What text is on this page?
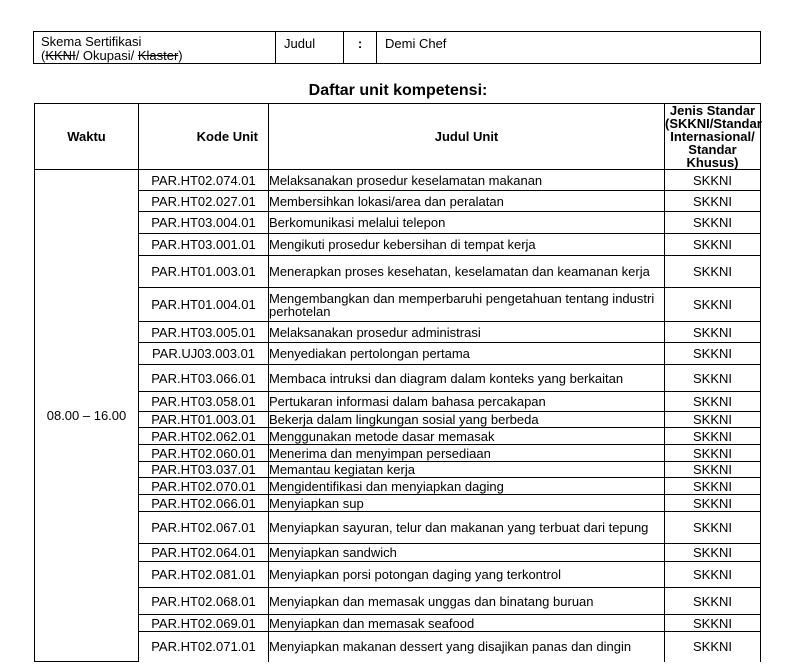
Skema Sertifikasi
(KKNI/ Okupasi/ Klaster)
Judul	:	Demi Chef
Daftar unit kompetensi:
Waktu	Kode Unit	Judul Unit	Jenis Standar (SKKNI/Standar Internasional/ Standar Khusus)
08.00 – 16.00	PAR.HT02.074.01	Melaksanakan prosedur keselamatan makanan	SKKNI
	PAR.HT02.027.01	Membersihkan lokasi/area dan peralatan	SKKNI
	PAR.HT03.004.01	Berkomunikasi melalui telepon	SKKNI
	PAR.HT03.001.01	Mengikuti prosedur kebersihan di tempat kerja	SKKNI
	PAR.HT01.003.01	Menerapkan proses kesehatan, keselamatan dan keamanan kerja	SKKNI
	PAR.HT01.004.01	Mengembangkan dan memperbaruhi pengetahuan tentang industri perhotelan	SKKNI
	PAR.HT03.005.01	Melaksanakan prosedur administrasi	SKKNI
	PAR.UJ03.003.01	Menyediakan pertolongan pertama	SKKNI
	PAR.HT03.066.01	Membaca intruksi dan diagram dalam konteks yang berkaitan	SKKNI
	PAR.HT03.058.01	Pertukaran informasi dalam bahasa percakapan	SKKNI
	PAR.HT01.003.01	Bekerja dalam lingkungan sosial yang berbeda	SKKNI
	PAR.HT02.062.01	Menggunakan metode dasar memasak	SKKNI
	PAR.HT02.060.01	Menerima dan menyimpan persediaan	SKKNI
	PAR.HT03.037.01	Memantau kegiatan kerja	SKKNI
	PAR.HT02.070.01	Mengidentifikasi dan menyiapkan daging	SKKNI
	PAR.HT02.066.01	Menyiapkan sup	SKKNI
	PAR.HT02.067.01	Menyiapkan sayuran, telur dan makanan yang terbuat dari tepung	SKKNI
	PAR.HT02.064.01	Menyiapkan sandwich	SKKNI
	PAR.HT02.081.01	Menyiapkan porsi potongan daging yang terkontrol	SKKNI
	PAR.HT02.068.01	Menyiapkan dan memasak unggas dan binatang buruan	SKKNI
	PAR.HT02.069.01	Menyiapkan dan memasak seafood	SKKNI
	PAR.HT02.071.01	Menyiapkan makanan dessert yang disajikan panas dan dingin	SKKNI
